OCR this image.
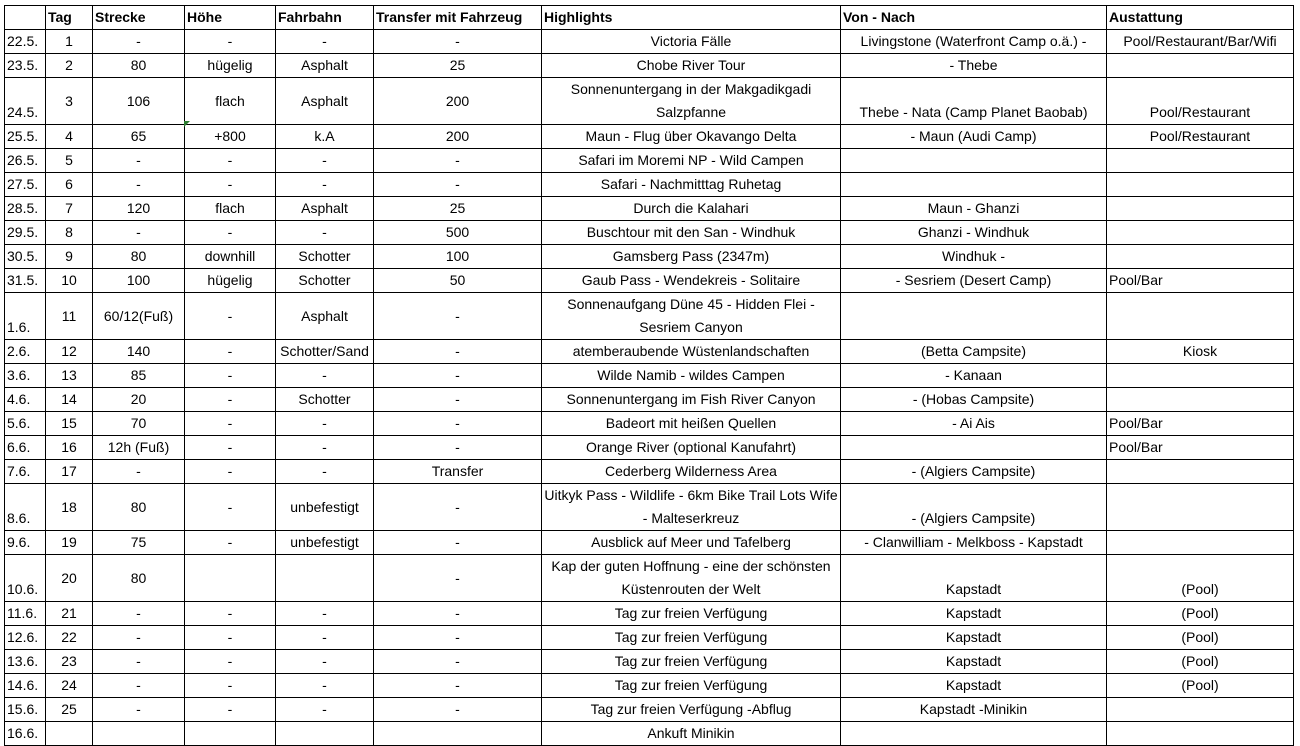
	Tag	Strecke	Höhe	Fahrbahn	Transfer mit Fahrzeug	Highlights	Von - Nach	Austattung
22.5.	1	-	-	-	-	Victoria Fälle	Livingstone (Waterfront Camp o.ä.) -	Pool/Restaurant/Bar/Wifi
23.5.	2	80	hügelig	Asphalt	25	Chobe River Tour	- Thebe	
24.5.	3	106	flach	Asphalt	200	Sonnenuntergang in der Makgadikgadi Salzpfanne	Thebe - Nata (Camp Planet Baobab)	Pool/Restaurant
25.5.	4	65	+800	k.A	200	Maun - Flug über Okavango Delta	- Maun (Audi Camp)	Pool/Restaurant
26.5.	5	-	-	-	-	Safari im Moremi NP - Wild Campen		
27.5.	6	-	-	-	-	Safari - Nachmitttag Ruhetag		
28.5.	7	120	flach	Asphalt	25	Durch die Kalahari	Maun - Ghanzi	
29.5.	8	-	-	-	500	Buschtour mit den San - Windhuk	Ghanzi - Windhuk	
30.5.	9	80	downhill	Schotter	100	Gamsberg Pass (2347m)	Windhuk -	
31.5.	10	100	hügelig	Schotter	50	Gaub Pass - Wendekreis - Solitaire	- Sesriem (Desert Camp)	Pool/Bar
1.6.	11	60/12(Fuß)	-	Asphalt	-	Sonnenaufgang Düne 45 - Hidden Flei - Sesriem Canyon		
2.6.	12	140	-	Schotter/Sand	-	atemberaubende Wüstenlandschaften	(Betta Campsite)	Kiosk
3.6.	13	85	-	-	-	Wilde Namib - wildes Campen	- Kanaan	
4.6.	14	20	-	Schotter	-	Sonnenuntergang im Fish River Canyon	- (Hobas Campsite)	
5.6.	15	70	-	-	-	Badeort mit heißen Quellen	- Ai Ais	Pool/Bar
6.6.	16	12h (Fuß)	-	-	-	Orange River (optional Kanufahrt)		Pool/Bar
7.6.	17	-	-	-	Transfer	Cederberg Wilderness Area	- (Algiers Campsite)	
8.6.	18	80	-	unbefestigt	-	Uitkyk Pass - Wildlife - 6km Bike Trail Lots Wife - Malteserkreuz	- (Algiers Campsite)	
9.6.	19	75	-	unbefestigt	-	Ausblick auf Meer und Tafelberg	- Clanwilliam - Melkboss - Kapstadt	
10.6.	20	80			-	Kap der guten Hoffnung - eine der schönsten Küstenrouten der Welt	Kapstadt	(Pool)
11.6.	21	-	-	-	-	Tag zur freien Verfügung	Kapstadt	(Pool)
12.6.	22	-	-	-	-	Tag zur freien Verfügung	Kapstadt	(Pool)
13.6.	23	-	-	-	-	Tag zur freien Verfügung	Kapstadt	(Pool)
14.6.	24	-	-	-	-	Tag zur freien Verfügung	Kapstadt	(Pool)
15.6.	25	-	-	-	-	Tag zur freien Verfügung -Abflug	Kapstadt -Minikin	
16.6.						Ankuft Minikin		
